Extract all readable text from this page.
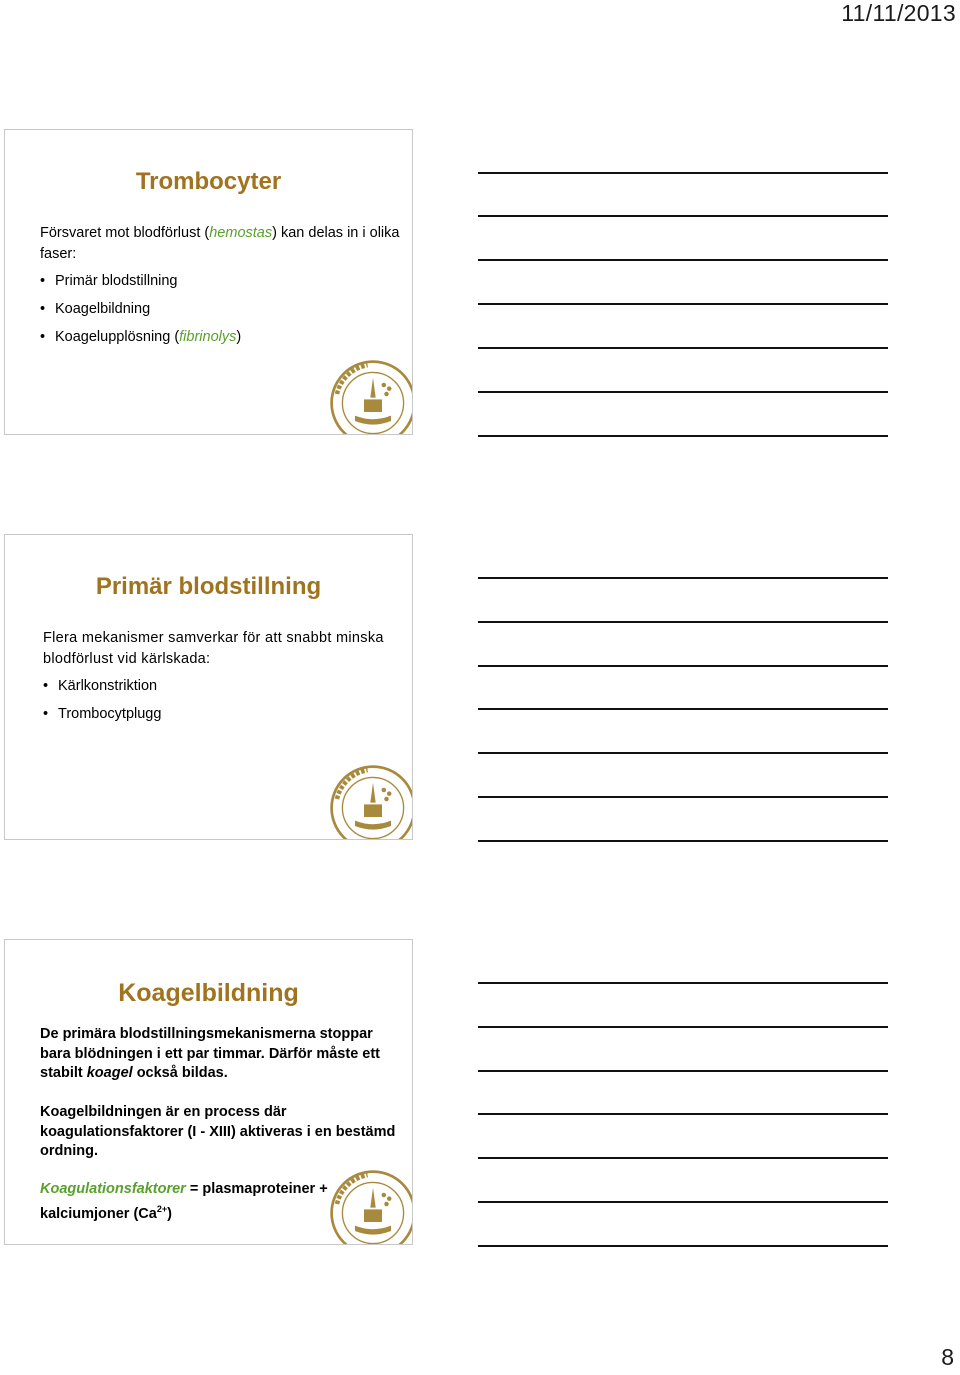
11/11/2013
Trombocyter
Försvaret mot blodförlust (hemostas) kan delas in i olika faser:
• Primär blodstillning
• Koagelbildning
• Koagelupplösning (fibrinolys)
Primär blodstillning
Flera mekanismer samverkar för att snabbt minska blodförlust vid kärlskada:
• Kärlkonstriktion
• Trombocytplugg
Koagelbildning
De primära blodstillningsmekanismerna stoppar bara blödningen i ett par timmar. Därför måste ett stabilt koagel också bildas.
Koagelbildningen är en process där koagulationsfaktorer (I - XIII) aktiveras i en bestämd ordning.
Koagulationsfaktorer = plasmaproteiner + kalciumjoner $(Ca^{2+})$
8
